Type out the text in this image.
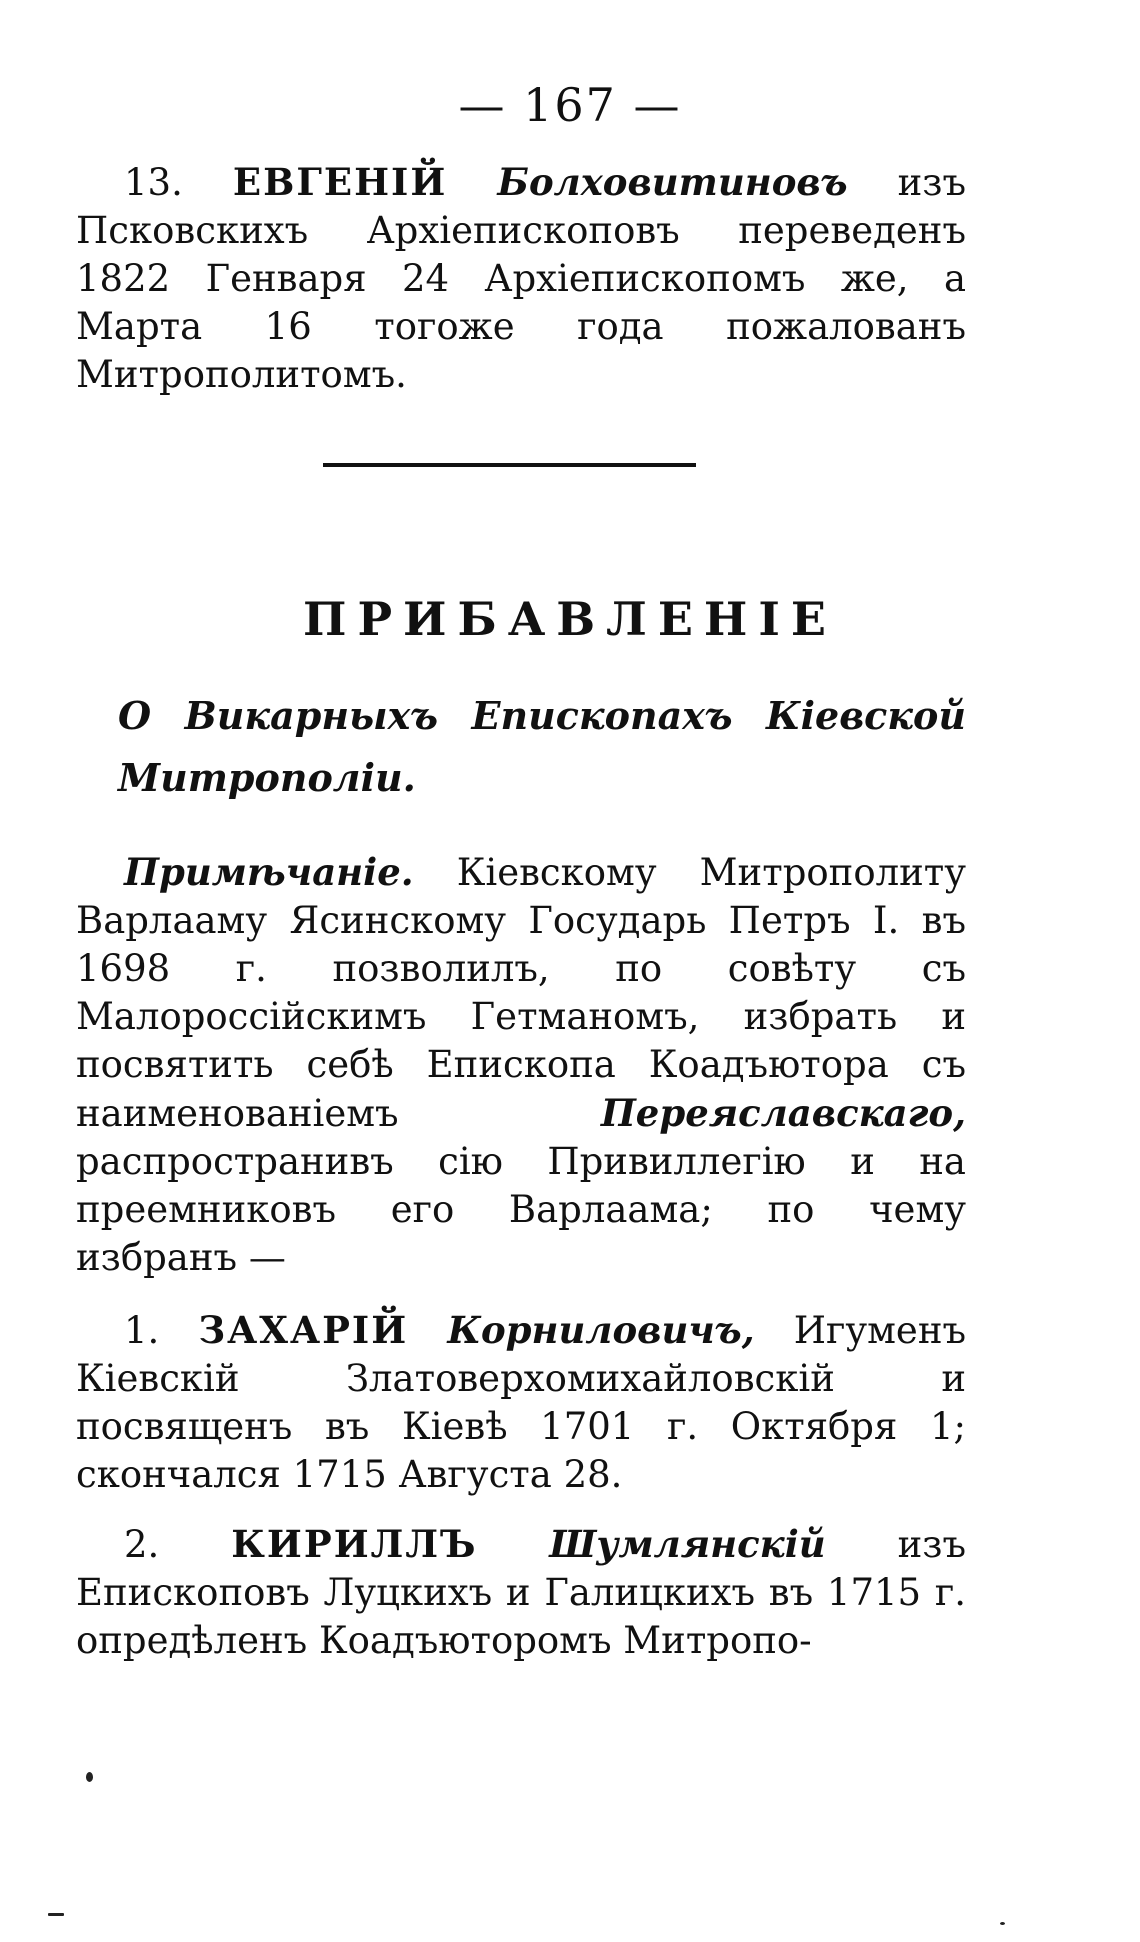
— 167 —

13. ЕВГЕНІЙ Болховитиновъ изъ Псковскихъ Архіепископовъ переведенъ 1822 Генваря 24 Архіепископомъ же, а Марта 16 тогоже года пожалованъ Митрополитомъ.

ПРИБАВЛЕНІЕ
О Викарныхъ Епископахъ Кіевской Митрополіи.

Примѣчаніе. Кіевскому Митрополиту Варлааму Ясинскому Государь Петръ I. въ 1698 г. позволилъ, по совѣту съ Малороссійскимъ Гетманомъ, избрать и посвятить себѣ Епископа Коадъютора съ наименованіемъ	Переяславскаго, распространивъ сію Привиллегію и на преемниковъ его Варлаама; по чему избранъ —

1. ЗАХАРІЙ Корниловичъ, Игуменъ Кіевскій Златоверхомихайловскій и посвященъ въ Кіевѣ 1701 г. Октября 1; скончался 1715 Августа 28.

2. КИРИЛЛЪ Шумлянскій изъ Епископовъ Луцкихъ и Галицкихъ въ 1715 г. опредѣленъ Коадъюторомъ Митропо-
